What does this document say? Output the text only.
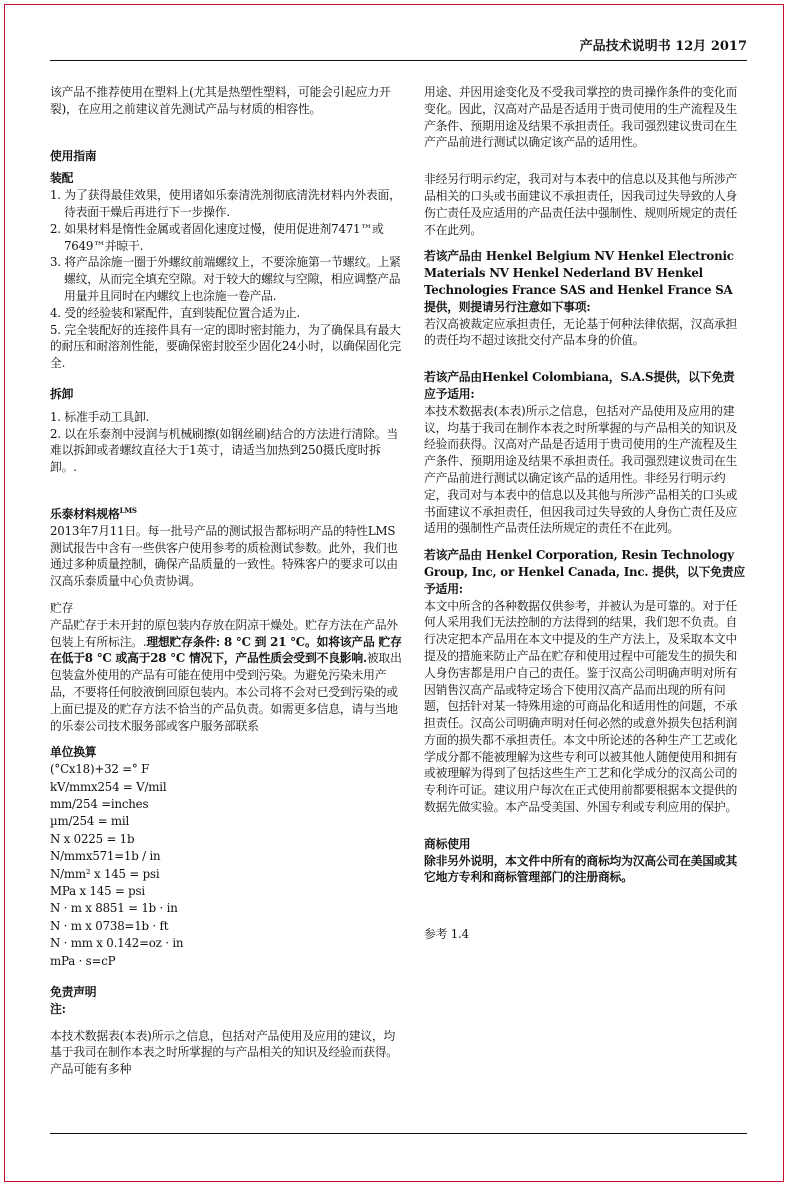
产品技术说明书 12月 2017

该产品不推荐使用在塑料上(尤其是热塑性塑料，可能会引起应力开裂)，在应用之前建议首先测试产品与材质的相容性。

使用指南

装配

1. 为了获得最佳效果，使用诸如乐泰清洗剂彻底清洗材料内外表面，待表面干燥后再进行下一步操作.

2. 如果材料是惰性金属或者固化速度过慢，使用促进剂7471™或7649™并晾干.

3. 将产品涂施一圈于外螺纹前端螺纹上，不要涂施第一节螺纹。上紧螺纹，从而完全填充空隙。对于较大的螺纹与空隙，相应调整产品用量并且同时在内螺纹上也涂施一卷产品.

4. 受的经验装和紧配件，直到装配位置合适为止.

5. 完全装配好的连接件具有一定的即时密封能力，为了确保具有最大的耐压和耐溶剂性能，要确保密封胶至少固化24小时，以确保固化完全.

拆卸

1. 标准手动工具卸.

2. 以在乐泰剂中浸润与机械刷擦(如钢丝刷)结合的方法进行清除。当难以拆卸或者螺纹直径大于1英寸，请适当加热到250摄氏度时拆卸。.

乐泰材料规格$^{LMS}$

2013年7月11日。每一批号产品的测试报告都标明产品的特性LMS测试报告中含有一些供客户使用参考的质检测试参数。此外，我们也通过多种质量控制，确保产品质量的一致性。特殊客户的要求可以由汉高乐泰质量中心负责协调。

贮存

产品贮存于未开封的原包装内存放在阴凉干燥处。贮存方法在产品外包装上有所标注。.理想贮存条件: 8 °C 到 21 °C。如将该产品 贮存在低于8 °C 或高于28 °C 情况下，产品性质会受到不良影响.被取出包装盒外使用的产品有可能在使用中受到污染。为避免污染未用产品，不要将任何胶液倒回原包装内。本公司将不会对已受到污染的或上面已提及的贮存方法不恰当的产品负责。如需更多信息，请与当地的乐泰公司技术服务部或客户服务部联系

单位换算

(°Cx18)+32 =° F

kV/mmx254 = V/mil

mm/254 =inches

µm/254 = mil

N x 0225 = 1b

N/mmx571=1b / in

N/mm² x 145 = psi

MPa x 145 = psi

N · m x 8851 = 1b · in

N · m x 0738=1b · ft

N · mm x 0.142=oz · in

mPa · s=cP

免责声明

注:

本技术数据表(本表)所示之信息，包括对产品使用及应用的建议，均基于我司在制作本表之时所掌握的与产品相关的知识及经验而获得。产品可能有多种

用途、并因用途变化及不受我司掌控的贵司操作条件的变化而变化。因此，汉高对产品是否适用于贵司使用的生产流程及生产条件、预期用途及结果不承担责任。我司强烈建议贵司在生产产品前进行测试以确定该产品的适用性。

非经另行明示约定，我司对与本表中的信息以及其他与所涉产品相关的口头或书面建议不承担责任，因我司过失导致的人身伤亡责任及应适用的产品责任法中强制性、规则所规定的责任不在此列。

若该产品由 Henkel Belgium NV Henkel Electronic Materials NV Henkel Nederland BV Henkel Technologies France SAS and Henkel France SA 提供，则提请另行注意如下事项:

若汉高被裁定应承担责任，无论基于何种法律依据，汉高承担的责任均不超过该批交付产品本身的价值。

若该产品由Henkel Colombiana，S.A.S提供，以下免责应予适用:

本技术数据表(本表)所示之信息，包括对产品使用及应用的建议，均基于我司在制作本表之时所掌握的与产品相关的知识及经验而获得。汉高对产品是否适用于贵司使用的生产流程及生产条件、预期用途及结果不承担责任。我司强烈建议贵司在生产产品前进行测试以确定该产品的适用性。非经另行明示约定，我司对与本表中的信息以及其他与所涉产品相关的口头或书面建议不承担责任，但因我司过失导致的人身伤亡责任及应适用的强制性产品责任法所规定的责任不在此列。

若该产品由 Henkel Corporation, Resin Technology Group, Inc, or Henkel Canada, Inc. 提供，以下免责应予适用:

本文中所含的各种数据仅供参考，并被认为是可靠的。对于任何人采用我们无法控制的方法得到的结果，我们恕不负责。自行决定把本产品用在本文中提及的生产方法上，及采取本文中提及的措施来防止产品在贮存和使用过程中可能发生的损失和人身伤害都是用户自己的责任。鉴于汉高公司明确声明对所有因销售汉高产品或特定场合下使用汉高产品而出现的所有问题，包括针对某一特殊用途的可商品化和适用性的问题，不承担责任。汉高公司明确声明对任何必然的或意外损失包括利润方面的损失都不承担责任。本文中所论述的各种生产工艺或化学成分都不能被理解为这些专利可以被其他人随便使用和拥有或被理解为得到了包括这些生产工艺和化学成分的汉高公司的专利许可证。建议用户每次在正式使用前都要根据本文提供的数据先做实验。本产品受美国、外国专利或专利应用的保护。

商标使用

除非另外说明，本文件中所有的商标均为汉高公司在美国或其它地方专利和商标管理部门的注册商标。

参考 1.4
